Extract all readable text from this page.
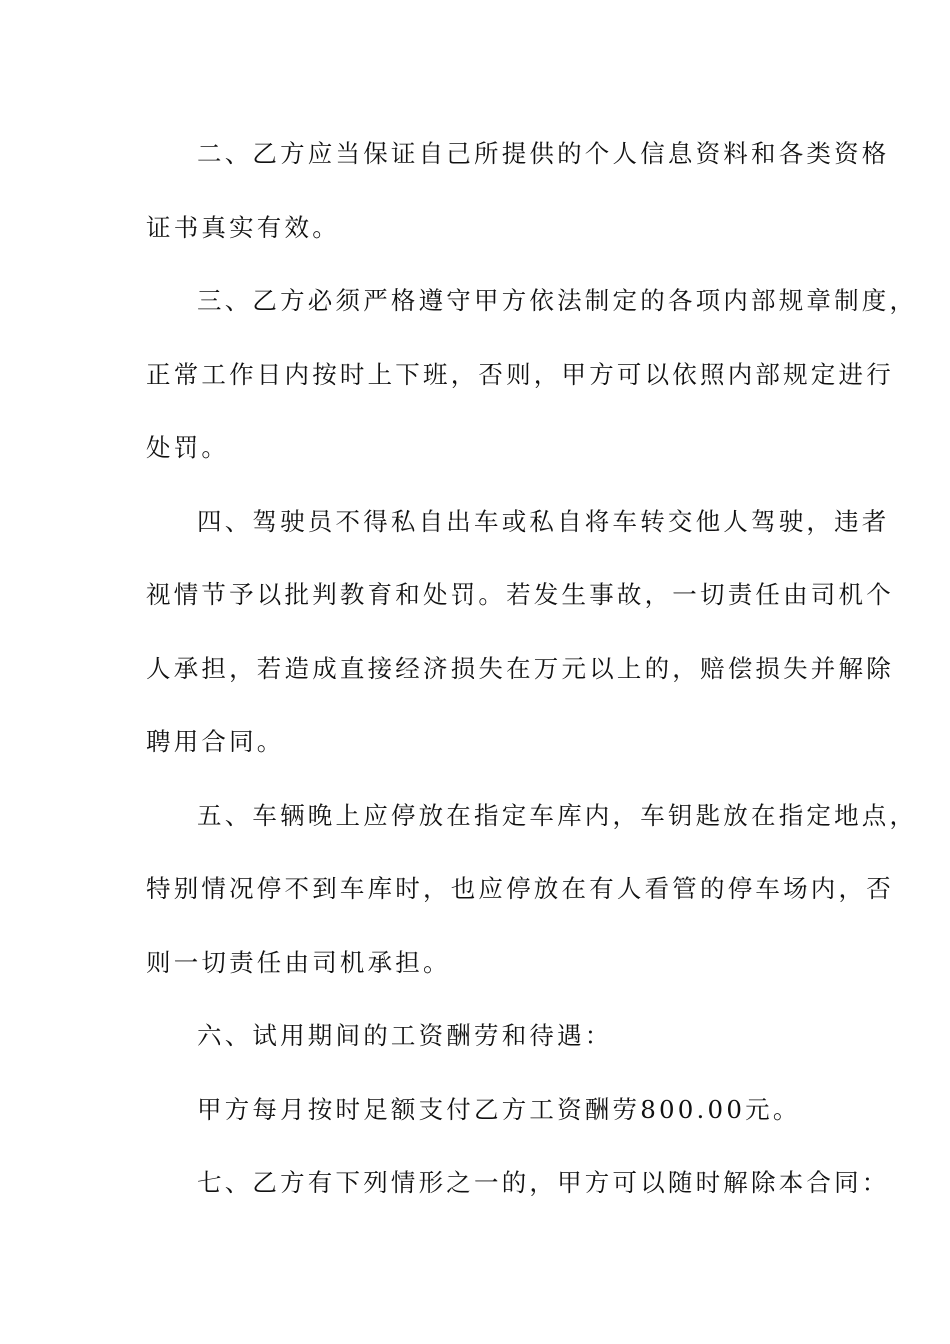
二、乙方应当保证自己所提供的个人信息资料和各类资格
证书真实有效。
三、乙方必须严格遵守甲方依法制定的各项内部规章制度，
正常工作日内按时上下班，否则，甲方可以依照内部规定进行
处罚。
四、驾驶员不得私自出车或私自将车转交他人驾驶，违者
视情节予以批判教育和处罚。若发生事故，一切责任由司机个
人承担，若造成直接经济损失在万元以上的，赔偿损失并解除
聘用合同。
五、车辆晚上应停放在指定车库内，车钥匙放在指定地点，
特别情况停不到车库时，也应停放在有人看管的停车场内，否
则一切责任由司机承担。
六、试用期间的工资酬劳和待遇：
甲方每月按时足额支付乙方工资酬劳800.00元。
七、乙方有下列情形之一的，甲方可以随时解除本合同：
